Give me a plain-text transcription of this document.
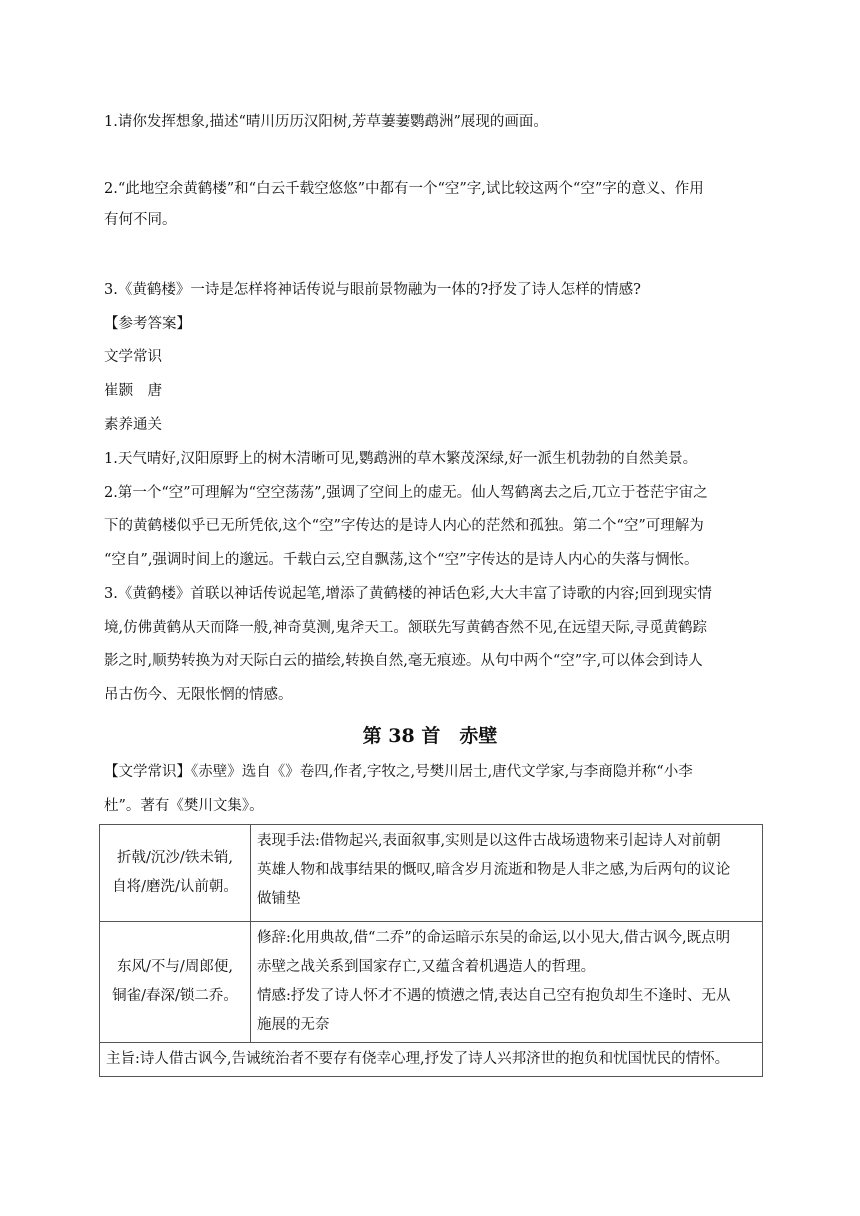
1.请你发挥想象,描述“晴川历历汉阳树,芳草萋萋鹦鹉洲”展现的画面。
2.“此地空余黄鹤楼”和“白云千载空悠悠”中都有一个“空”字,试比较这两个“空”字的意义、作用
有何不同。
3.《黄鹤楼》一诗是怎样将神话传说与眼前景物融为一体的?抒发了诗人怎样的情感?
【参考答案】
文学常识
崔颢　唐
素养通关
1.天气晴好,汉阳原野上的树木清晰可见,鹦鹉洲的草木繁茂深绿,好一派生机勃勃的自然美景。
2.第一个“空”可理解为“空空荡荡”,强调了空间上的虚无。仙人驾鹤离去之后,兀立于苍茫宇宙之
下的黄鹤楼似乎已无所凭依,这个“空”字传达的是诗人内心的茫然和孤独。第二个“空”可理解为
“空自”,强调时间上的邈远。千载白云,空自飘荡,这个“空”字传达的是诗人内心的失落与惆怅。
3.《黄鹤楼》首联以神话传说起笔,增添了黄鹤楼的神话色彩,大大丰富了诗歌的内容;回到现实情
境,仿佛黄鹤从天而降一般,神奇莫测,鬼斧天工。颔联先写黄鹤杳然不见,在远望天际,寻觅黄鹤踪
影之时,顺势转换为对天际白云的描绘,转换自然,毫无痕迹。从句中两个“空”字,可以体会到诗人
吊古伤今、无限怅惘的情感。
第 38 首　赤壁
【文学常识】《赤壁》选自《》卷四,作者,字牧之,号樊川居士,唐代文学家,与李商隐并称“小李
杜”。著有《樊川文集》。
折戟/沉沙/铁未销,
自将/磨洗/认前朝。	表现手法:借物起兴,表面叙事,实则是以这件古战场遗物来引起诗人对前朝
英雄人物和战事结果的慨叹,暗含岁月流逝和物是人非之感,为后两句的议论
做铺垫

东风/不与/周郎便,
铜雀/春深/锁二乔。	修辞:化用典故,借“二乔”的命运暗示东吴的命运,以小见大,借古讽今,既点明
赤壁之战关系到国家存亡,又蕴含着机遇造人的哲理。
情感:抒发了诗人怀才不遇的愤懑之情,表达自己空有抱负却生不逢时、无从
施展的无奈

主旨:诗人借古讽今,告诫统治者不要存有侥幸心理,抒发了诗人兴邦济世的抱负和忧国忧民的情怀。	
